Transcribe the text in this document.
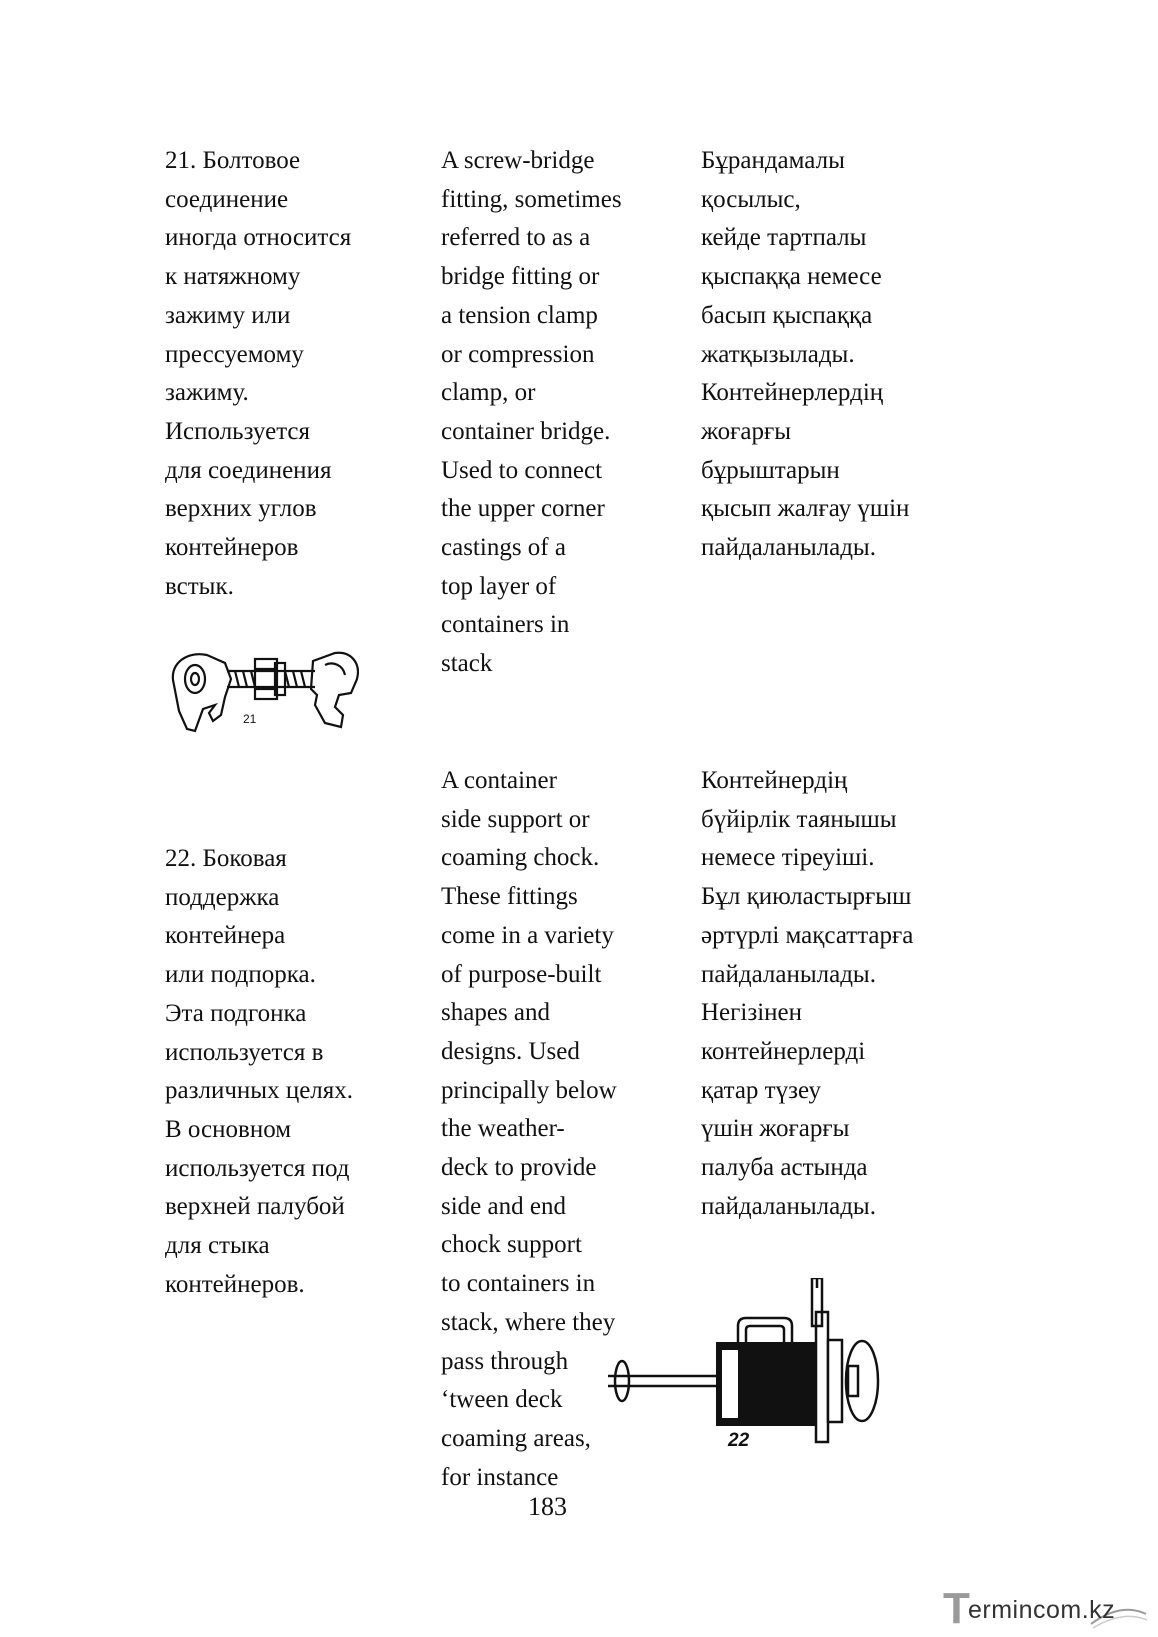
21. Болтовое
соединение
иногда относится
к натяжному
зажиму или
прессуемому
зажиму.
Используется
для соединения
верхних углов
контейнеров
встык.
A screw-bridge
fitting, sometimes
referred to as a
bridge fitting or
a tension clamp
or compression
clamp, or
container bridge.
Used to connect
the upper corner
castings of a
top layer of
containers in
stack
Бұрандамалы
қосылыс,
кейде тартпалы
қыспаққа немесе
басып қыспаққа
жатқызылады.
Контейнерлердің
жоғарғы
бұрыштарын
қысып жалғау үшін
пайдаланылады.
21
22. Боковая
поддержка
контейнера
или подпорка.
Эта подгонка
используется в
различных целях.
В основном
используется под
верхней палубой
для стыка
контейнеров.
A container
side support or
coaming chock.
These fittings
come in a variety
of purpose-built
shapes and
designs. Used
principally below
the weather-
deck to provide
side and end
chock support
to containers in
stack, where they
pass through
‘tween deck
coaming areas,
for instance
Контейнердің
бүйірлік таянышы
немесе тіреуіші.
Бұл қиюластырғыш
әртүрлі мақсаттарға
пайдаланылады.
Негізінен
контейнерлерді
қатар түзеу
үшін жоғарғы
палуба астында
пайдаланылады.
22
183
T
ermincom.kz
